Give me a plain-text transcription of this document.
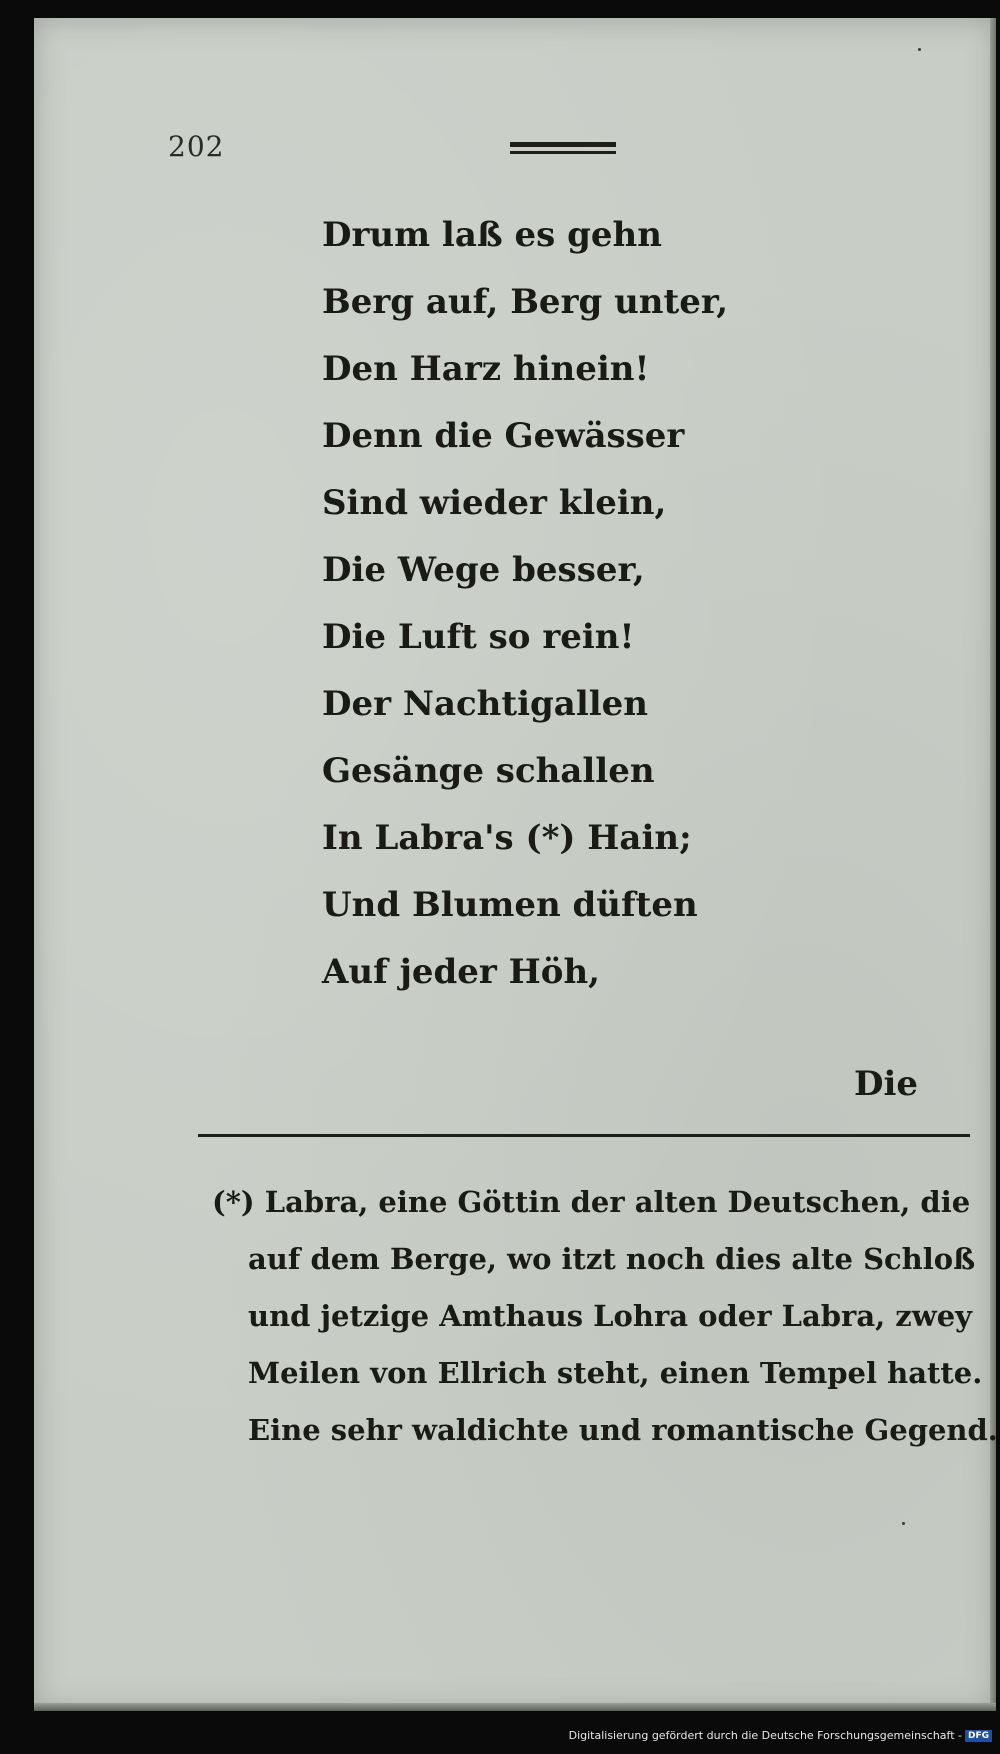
202
Drum laß es gehn
Berg auf, Berg unter,
Den Harz hinein!
Denn die Gewässer
Sind wieder klein,
Die Wege besser,
Die Luft so rein!
Der Nachtigallen
Gesänge schallen
In Labra's (*) Hain;
Und Blumen düften
Auf jeder Höh,
Die
(*) Labra, eine Göttin der alten Deutschen, die
auf dem Berge, wo itzt noch dies alte Schloß
und jetzige Amthaus Lohra oder Labra, zwey
Meilen von Ellrich steht, einen Tempel hatte.
Eine sehr waldichte und romantische Gegend.
Digitalisierung gefördert durch die Deutsche Forschungsgemeinschaft - DFG
